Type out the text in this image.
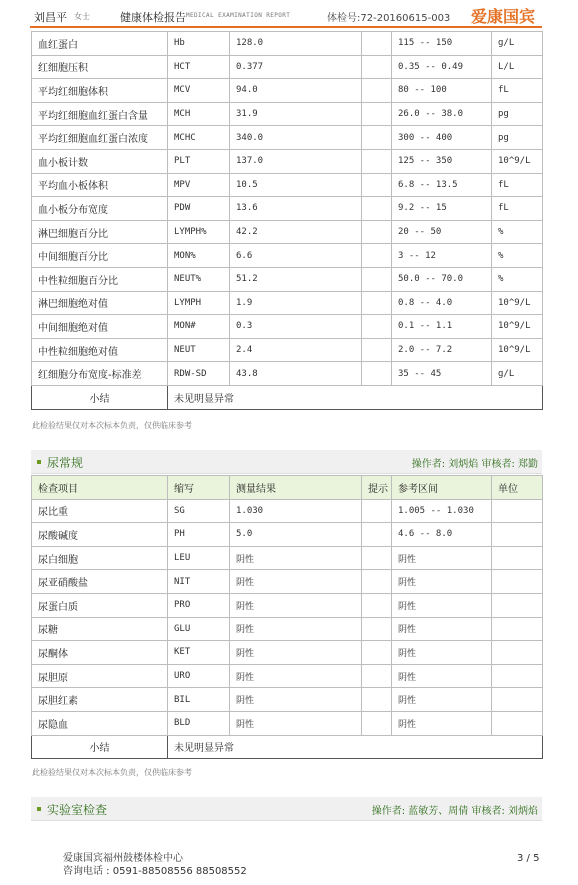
刘昌平 女士	健康体检报告 MEDICAL EXAMINATION REPORT	体检号:72-20160615-003 爱康国宾
血红蛋白	Hb	128.0		115 -- 150	g/L
红细胞压积	HCT	0.377		0.35 -- 0.49	L/L
平均红细胞体积	MCV	94.0		80 -- 100	fL
平均红细胞血红蛋白含量	MCH	31.9		26.0 -- 38.0	pg
平均红细胞血红蛋白浓度	MCHC	340.0		300 -- 400	pg
血小板计数	PLT	137.0		125 -- 350	10^9/L
平均血小板体积	MPV	10.5		6.8 -- 13.5	fL
血小板分布宽度	PDW	13.6		9.2 -- 15	fL
淋巴细胞百分比	LYMPH%	42.2		20 -- 50	%
中间细胞百分比	MON%	6.6		3 -- 12	%
中性粒细胞百分比	NEUT%	51.2		50.0 -- 70.0	%
淋巴细胞绝对值	LYMPH	1.9		0.8 -- 4.0	10^9/L
中间细胞绝对值	MON#	0.3		0.1 -- 1.1	10^9/L
中性粒细胞绝对值	NEUT	2.4		2.0 -- 7.2	10^9/L
红细胞分布宽度-标准差	RDW-SD	43.8		35 -- 45	g/L
小结	未见明显异常				
此检验结果仅对本次标本负责，仅供临床参考
尿常规	操作者: 刘炳焰 审核者: 郑勤
检查项目	缩写	测量结果	提示	参考区间	单位
尿比重	SG	1.030		1.005 -- 1.030	
尿酸碱度	PH	5.0		4.6 -- 8.0	
尿白细胞	LEU	阴性		阴性	
尿亚硝酸盐	NIT	阴性		阴性	
尿蛋白质	PRO	阴性		阴性	
尿糖	GLU	阴性		阴性	
尿酮体	KET	阴性		阴性	
尿胆原	URO	阴性		阴性	
尿胆红素	BIL	阴性		阴性	
尿隐血	BLD	阴性		阴性	
小结	未见明显异常				
此检验结果仅对本次标本负责，仅供临床参考
实验室检查	操作者: 蓝敏芳、周倩 审核者: 刘炳焰
爱康国宾福州鼓楼体检中心
咨询电话 : 0591-88508556 88508552
3 / 5
